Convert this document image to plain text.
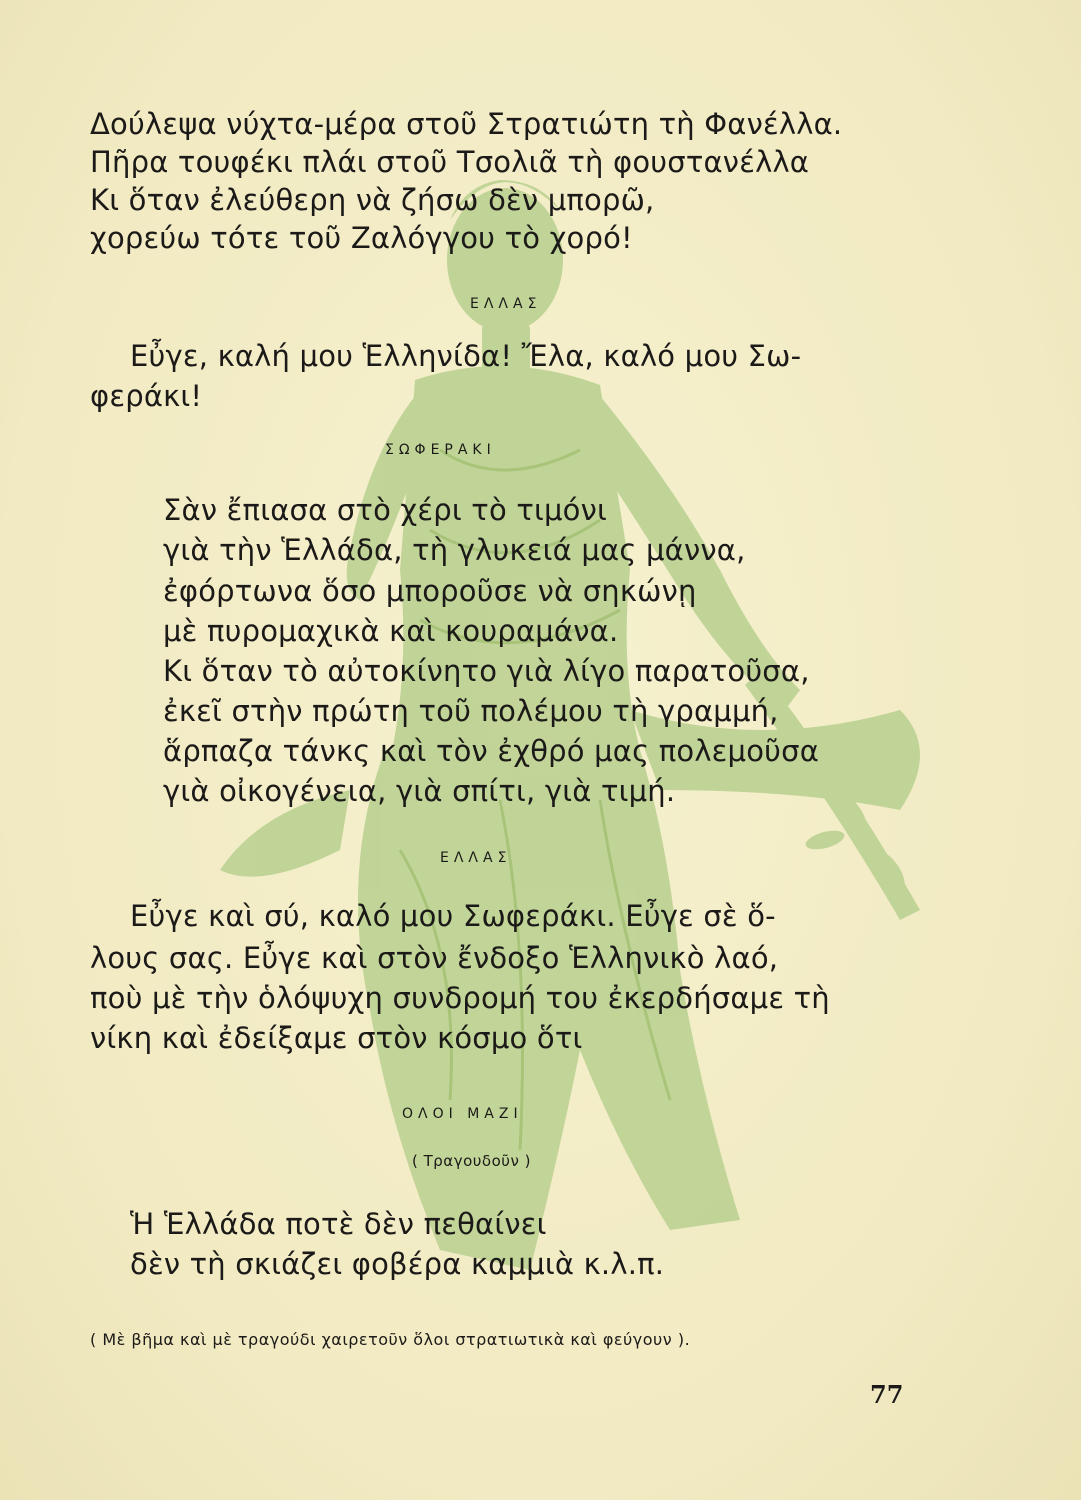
Δούλεψα νύχτα-μέρα στοῦ Στρατιώτη τὴ Φανέλλα.
Πῆρα τουφέκι πλάι στοῦ Τσολιᾶ τὴ φουστανέλλα
Κι ὅταν ἐλεύθερη νὰ ζήσω δὲν μπορῶ,
χορεύω τότε τοῦ Ζαλόγγου τὸ χορό!
ΕΛΛΑΣ
Εὖγε, καλή μου Ἑλληνίδα! Ἔλα, καλό μου Σω-
φεράκι!
ΣΩΦΕΡΑΚΙ
Σὰν ἔπιασα στὸ χέρι τὸ τιμόνι
γιὰ τὴν Ἑλλάδα, τὴ γλυκειά μας μάννα,
ἐφόρτωνα ὅσο μποροῦσε νὰ σηκώνῃ
μὲ πυρομαχικὰ καὶ κουραμάνα.
Κι ὅταν τὸ αὐτοκίνητο γιὰ λίγο παρατοῦσα,
ἐκεῖ στὴν πρώτη τοῦ πολέμου τὴ γραμμή,
ἅρπαζα τάνκς καὶ τὸν ἐχθρό μας πολεμοῦσα
γιὰ οἰκογένεια, γιὰ σπίτι, γιὰ τιμή.
ΕΛΛΑΣ
Εὖγε καὶ σύ, καλό μου Σωφεράκι. Εὖγε σὲ ὅ-
λους σας. Εὖγε καὶ στὸν ἔνδοξο Ἑλληνικὸ λαό,
ποὺ μὲ τὴν ὁλόψυχη συνδρομή του ἐκερδήσαμε τὴ
νίκη καὶ ἐδείξαμε στὸν κόσμο ὅτι
ΟΛΟΙ ΜΑΖΙ
( Τραγουδοῦν )
Ἡ Ἑλλάδα ποτὲ δὲν πεθαίνει
δὲν τὴ σκιάζει φοβέρα καμμιὰ κ.λ.π.
( Μὲ βῆμα καὶ μὲ τραγούδι χαιρετοῦν ὅλοι στρατιωτικὰ καὶ φεύγουν ).
77
